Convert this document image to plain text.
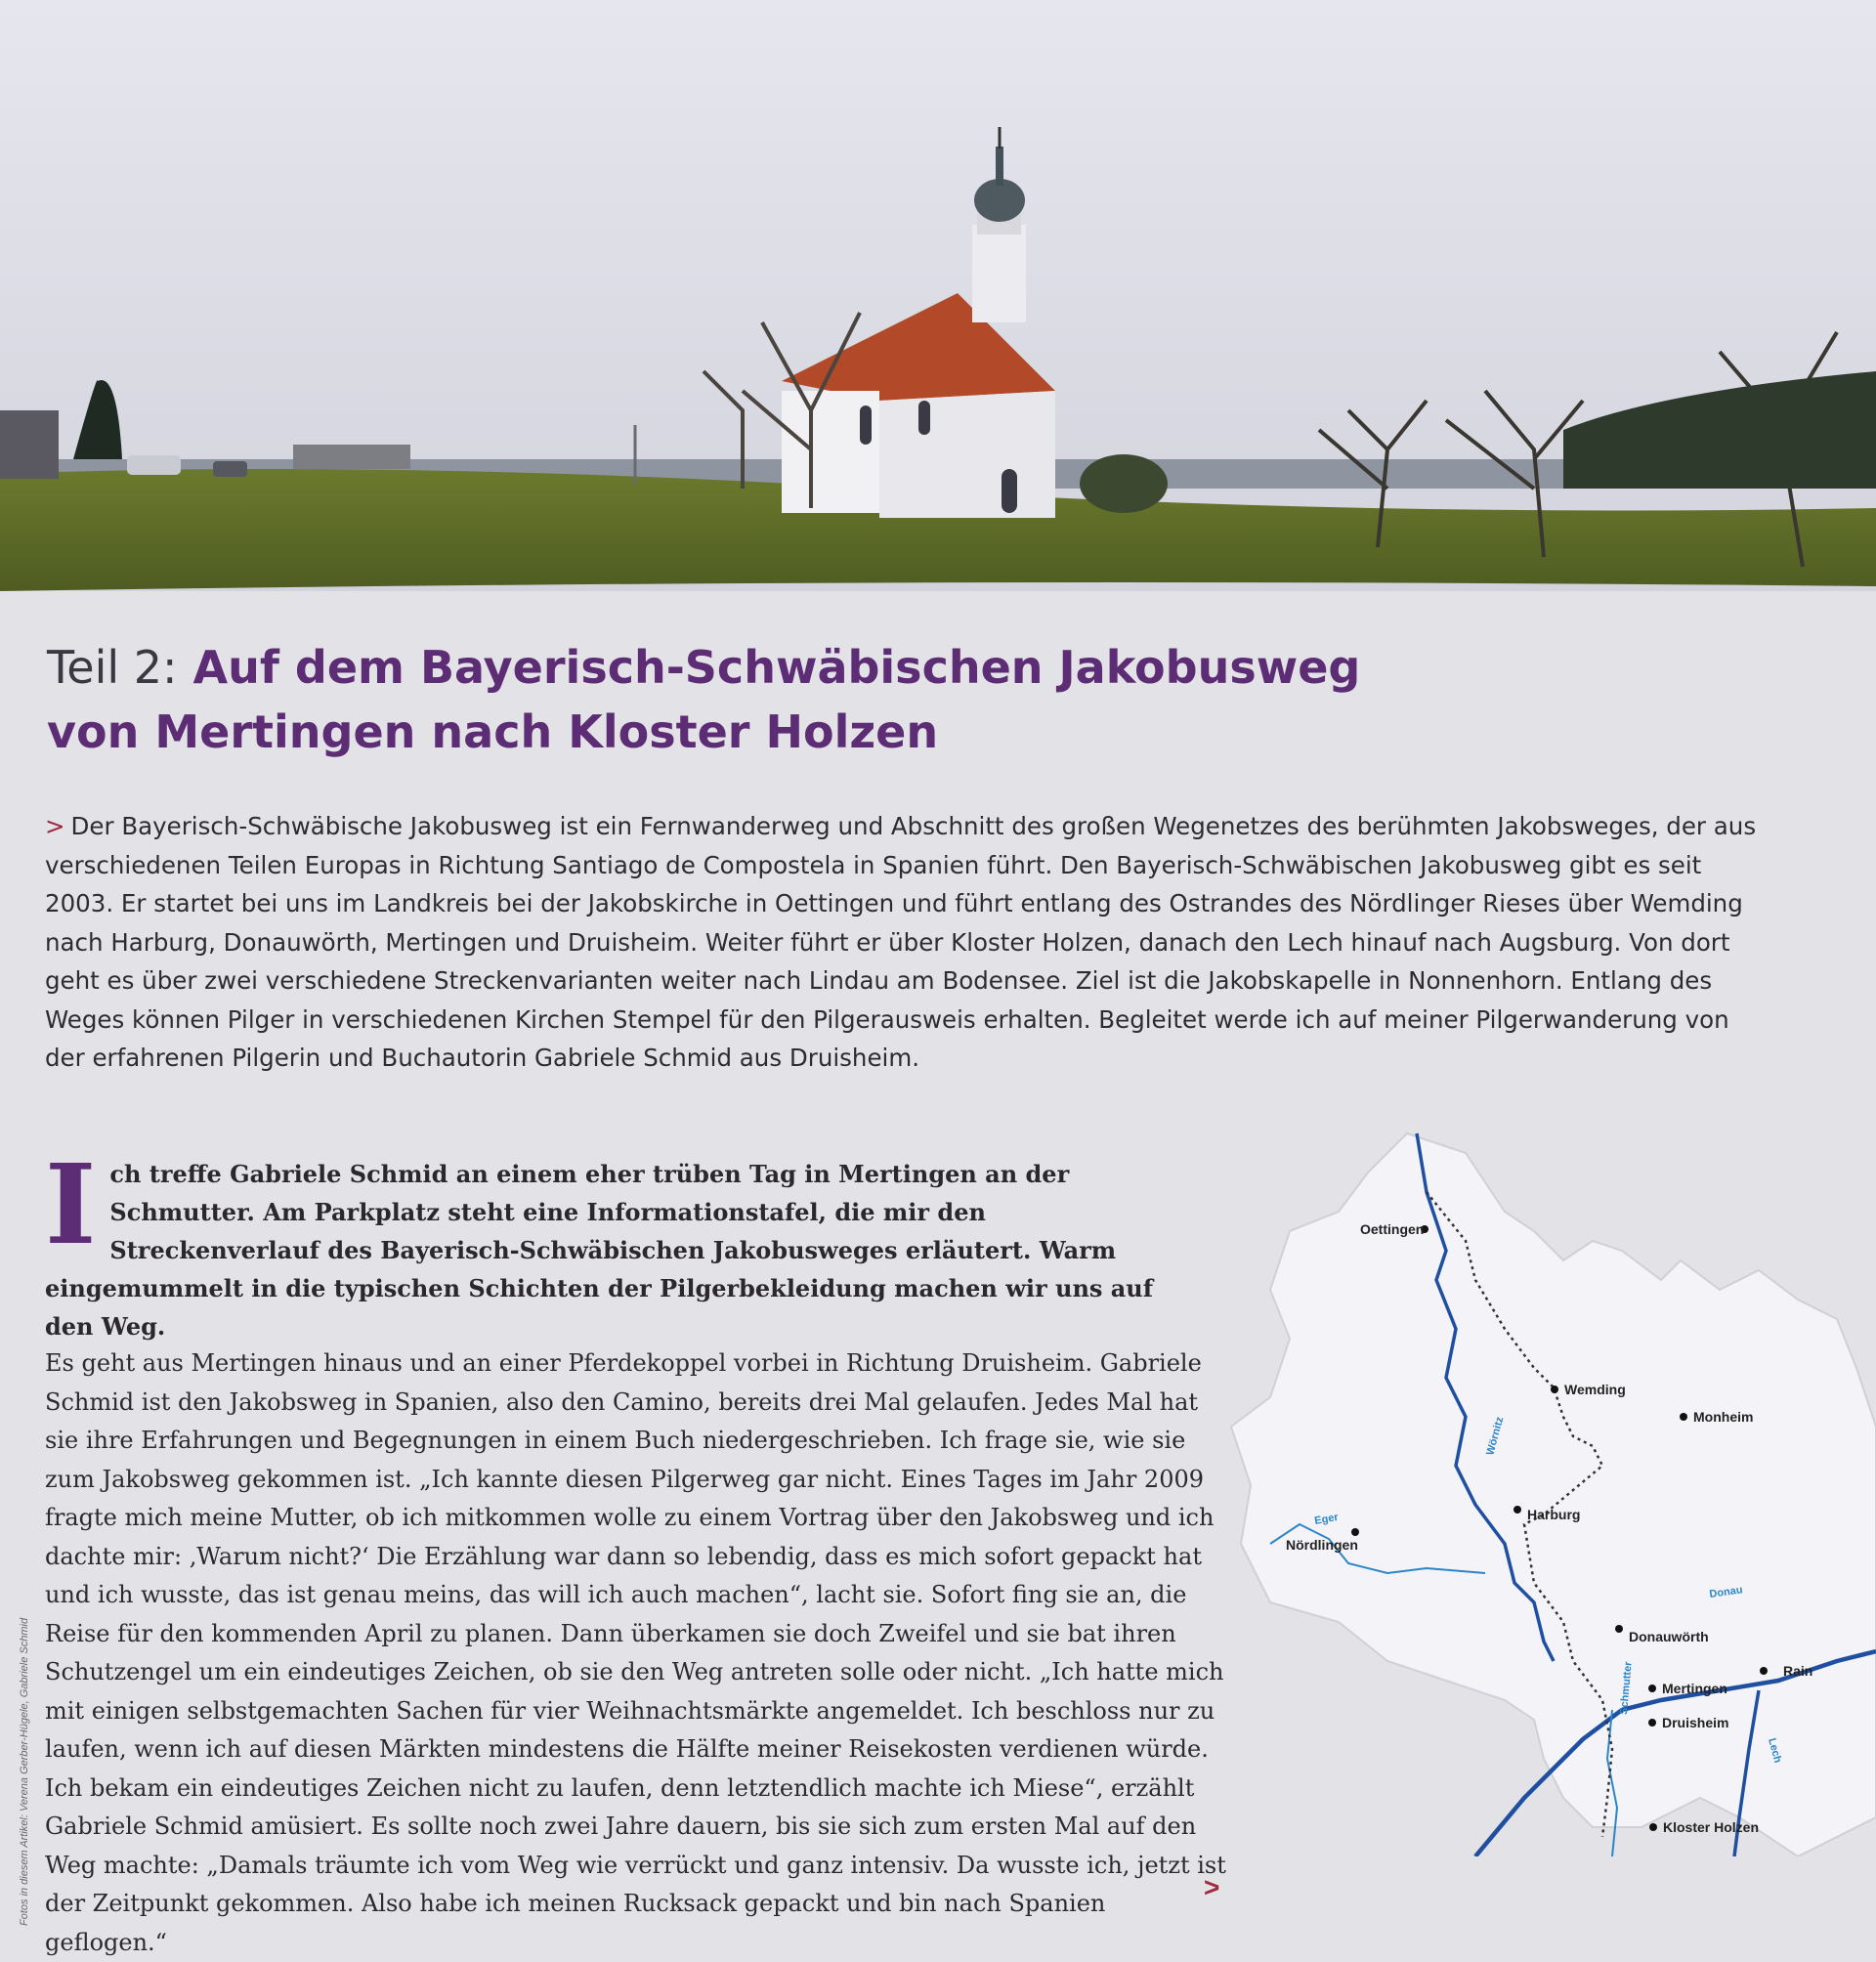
Teil 2: Auf dem Bayerisch-Schwäbischen Jakobusweg
von Mertingen nach Kloster Holzen
> Der Bayerisch-Schwäbische Jakobusweg ist ein Fernwanderweg und Abschnitt des großen Wegenetzes des berühmten Jakobsweges, der aus verschiedenen Teilen Europas in Richtung Santiago de Compostela in Spanien führt. Den Bayerisch-Schwäbischen Jakobusweg gibt es seit 2003. Er startet bei uns im Landkreis bei der Jakobskirche in Oettingen und führt entlang des Ostrandes des Nördlinger Rieses über Wemding nach Harburg, Donauwörth, Mertingen und Druisheim. Weiter führt er über Kloster Holzen, danach den Lech hinauf nach Augsburg. Von dort geht es über zwei verschiedene Streckenvarianten weiter nach Lindau am Bodensee. Ziel ist die Jakobskapelle in Nonnenhorn. Entlang des Weges können Pilger in verschiedenen Kirchen Stempel für den Pilgerausweis erhalten. Begleitet werde ich auf meiner Pilgerwanderung von der erfahrenen Pilgerin und Buchautorin Gabriele Schmid aus Druisheim.
Ich treffe Gabriele Schmid an einem eher trüben Tag in Mertingen an der Schmutter. Am Parkplatz steht eine Informationstafel, die mir den Streckenverlauf des Bayerisch-Schwäbischen Jakobusweges erläutert. Warm eingemummelt in die typischen Schichten der Pilgerbekleidung machen wir uns auf den Weg.
Es geht aus Mertingen hinaus und an einer Pferdekoppel vorbei in Richtung Druisheim. Gabriele Schmid ist den Jakobsweg in Spanien, also den Camino, bereits drei Mal gelaufen. Jedes Mal hat sie ihre Erfahrungen und Begegnungen in einem Buch niedergeschrieben. Ich frage sie, wie sie zum Jakobsweg gekommen ist. „Ich kannte diesen Pilgerweg gar nicht. Eines Tages im Jahr 2009 fragte mich meine Mutter, ob ich mitkommen wolle zu einem Vortrag über den Jakobsweg und ich dachte mir: ‚Warum nicht?‘ Die Erzählung war dann so lebendig, dass es mich sofort gepackt hat und ich wusste, das ist genau meins, das will ich auch machen“, lacht sie. Sofort fing sie an, die Reise für den kommenden April zu planen. Dann überkamen sie doch Zweifel und sie bat ihren Schutzengel um ein eindeutiges Zeichen, ob sie den Weg antreten solle oder nicht. „Ich hatte mich mit einigen selbstgemachten Sachen für vier Weihnachtsmärkte angemeldet. Ich beschloss nur zu laufen, wenn ich auf diesen Märkten mindestens die Hälfte meiner Reisekosten verdienen würde. Ich bekam ein eindeutiges Zeichen nicht zu laufen, denn letztendlich machte ich Miese“, erzählt Gabriele Schmid amüsiert. Es sollte noch zwei Jahre dauern, bis sie sich zum ersten Mal auf den Weg machte: „Damals träumte ich vom Weg wie verrückt und ganz intensiv. Da wusste ich, jetzt ist der Zeitpunkt gekommen. Also habe ich meinen Rucksack gepackt und bin nach Spanien geflogen.“
>
Fotos in diesem Artikel: Verena Gerber-Hügele, Gabriele Schmid
Oettingen
Wemding
Monheim
Nördlingen
Harburg
Donauwörth
Rain
Mertingen
Druisheim
Kloster Holzen
Eger
Wörnitz
Donau
Schmutter
Lech
